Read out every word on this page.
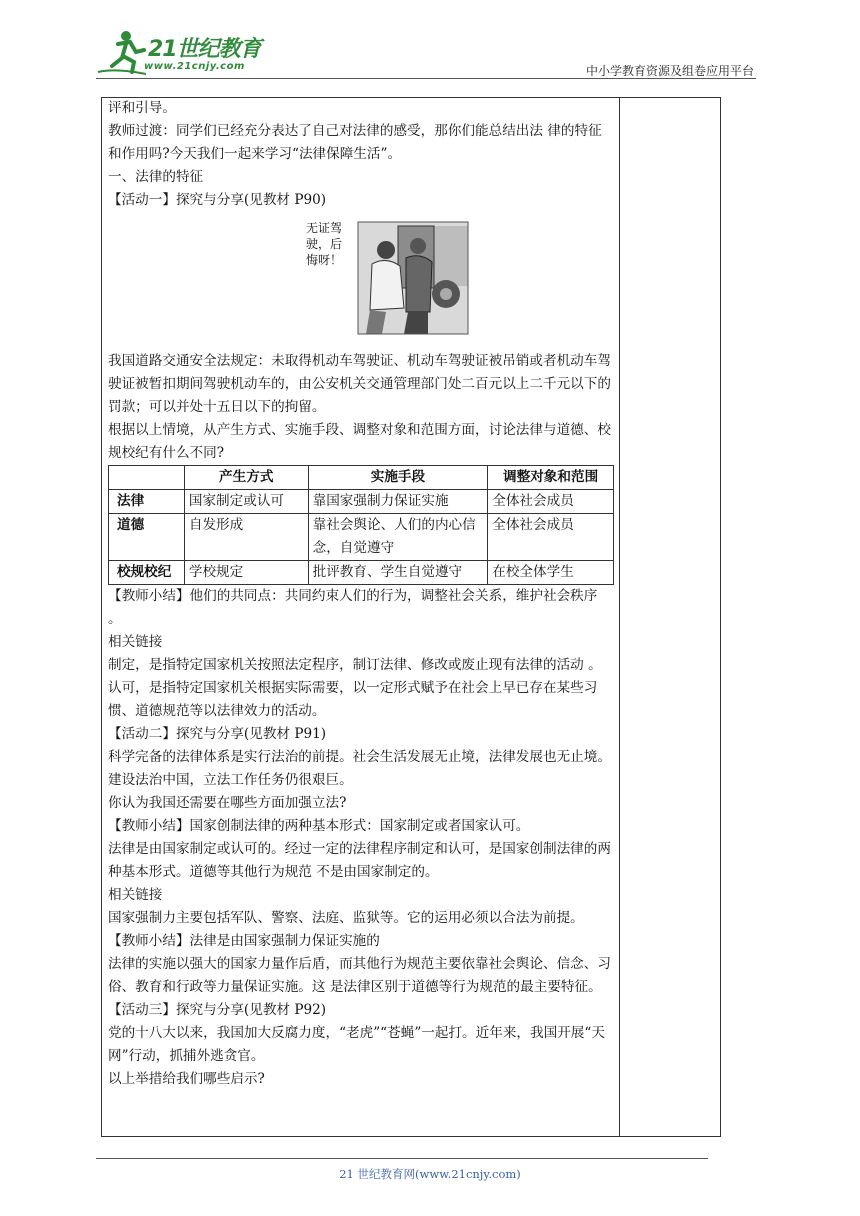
21世纪教育
www.21cnjy.com	中小学教育资源及组卷应用平台

评和引导。

教师过渡：同学们已经充分表达了自己对法律的感受，那你们能总结出法 律的特征和作用吗?今天我们一起来学习“法律保障生活”。

一、法律的特征

【活动一】探究与分享(见教材 P90)

无证驾
驶，后
悔呀！

我国道路交通安全法规定：未取得机动车驾驶证、机动车驾驶证被吊销或者机动车驾驶证被暂扣期间驾驶机动车的，由公安机关交通管理部门处二百元以上二千元以下的罚款；可以并处十五日以下的拘留。

根据以上情境，从产生方式、实施手段、调整对象和范围方面，讨论法律与道德、校规校纪有什么不同?

	产生方式	实施手段	调整对象和范围
法律	国家制定或认可	靠国家强制力保证实施	全体社会成员
道德	自发形成	靠社会舆论、人们的内心信念，自觉遵守	全体社会成员
校规校纪	学校规定	批评教育、学生自觉遵守	在校全体学生

【教师小结】他们的共同点：共同约束人们的行为，调整社会关系，维护社会秩序 。

相关链接

制定，是指特定国家机关按照法定程序，制订法律、修改或废止现有法律的活动 。

认可，是指特定国家机关根据实际需要，以一定形式赋予在社会上早已存在某些习惯、道德规范等以法律效力的活动。

【活动二】探究与分享(见教材 P91)

科学完备的法律体系是实行法治的前提。社会生活发展无止境，法律发展也无止境。建设法治中国，立法工作任务仍很艰巨。

你认为我国还需要在哪些方面加强立法?

【教师小结】国家创制法律的两种基本形式：国家制定或者国家认可。

法律是由国家制定或认可的。经过一定的法律程序制定和认可，是国家创制法律的两种基本形式。道德等其他行为规范 不是由国家制定的。

相关链接

国家强制力主要包括军队、警察、法庭、监狱等。它的运用必须以合法为前提。

【教师小结】法律是由国家强制力保证实施的

法律的实施以强大的国家力量作后盾，而其他行为规范主要依靠社会舆论、信念、习俗、教育和行政等力量保证实施。这 是法律区别于道德等行为规范的最主要特征。

【活动三】探究与分享(见教材 P92)

党的十八大以来，我国加大反腐力度，“老虎”“苍蝇”一起打。近年来，我国开展“天网”行动，抓捕外逃贪官。

以上举措给我们哪些启示?

21 世纪教育网(www.21cnjy.com)
